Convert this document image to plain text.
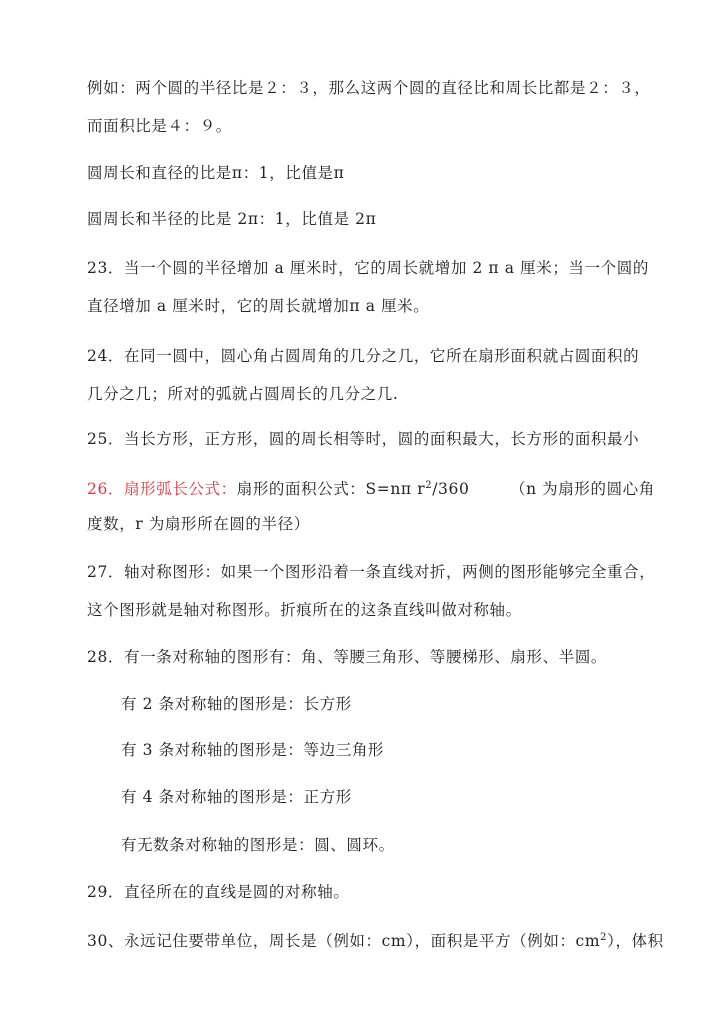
例如：两个圆的半径比是２：３，那么这两个圆的直径比和周长比都是２：３，

而面积比是４：９。

圆周长和直径的比是π：1，比值是π

圆周长和半径的比是 2π：1，比值是 2π

23．当一个圆的半径增加 a 厘米时，它的周长就增加 2 π a 厘米；当一个圆的

直径增加 a 厘米时，它的周长就增加π a 厘米。

24．在同一圆中，圆心角占圆周角的几分之几，它所在扇形面积就占圆面积的

几分之几；所对的弧就占圆周长的几分之几.

25．当长方形，正方形，圆的周长相等时，圆的面积最大，长方形的面积最小

26．扇形弧长公式：扇形的面积公式：S=nπ $r^2/360$　　　（n 为扇形的圆心角

度数，r 为扇形所在圆的半径）

27．轴对称图形：如果一个图形沿着一条直线对折，两侧的图形能够完全重合，

这个图形就是轴对称图形。折痕所在的这条直线叫做对称轴。

28．有一条对称轴的图形有：角、等腰三角形、等腰梯形、扇形、半圆。

有 2 条对称轴的图形是：长方形

有 3 条对称轴的图形是：等边三角形

有 4 条对称轴的图形是：正方形

有无数条对称轴的图形是：圆、圆环。

29．直径所在的直线是圆的对称轴。

30、永远记住要带单位，周长是（例如：cm），面积是平方（例如：$cm^2$），体积
